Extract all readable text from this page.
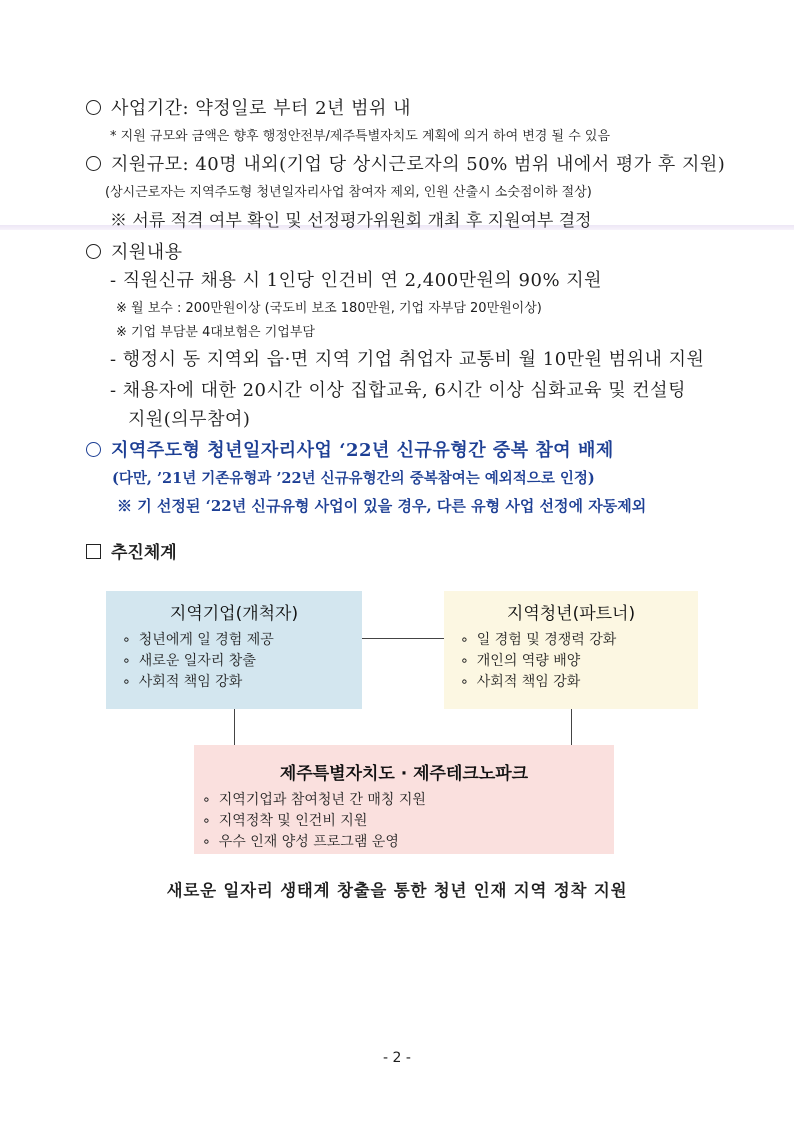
사업기간: 약정일로 부터 2년 범위 내
* 지원 규모와 금액은 향후 행정안전부/제주특별자치도 계획에 의거 하여 변경 될 수 있음
지원규모: 40명 내외(기업 당 상시근로자의 50% 범위 내에서 평가 후 지원)
(상시근로자는 지역주도형 청년일자리사업 참여자 제외, 인원 산출시 소숫점이하 절상)
※ 서류 적격 여부 확인 및 선정평가위원회 개최 후 지원여부 결정
지원내용
- 직원신규 채용 시 1인당 인건비 연 2,400만원의 90% 지원
※ 월 보수 : 200만원이상 (국도비 보조 180만원, 기업 자부담 20만원이상)
※ 기업 부담분 4대보험은 기업부담
- 행정시 동 지역외 읍·면 지역 기업 취업자 교통비 월 10만원 범위내 지원
- 채용자에 대한 20시간 이상 집합교육, 6시간 이상 심화교육 및 컨설팅
지원(의무참여)
지역주도형 청년일자리사업 ‘22년 신규유형간 중복 참여 배제
(다만, ’21년 기존유형과 ’22년 신규유형간의 중복참여는 예외적으로 인정)
※ 기 선정된 ‘22년 신규유형 사업이 있을 경우, 다른 유형 사업 선정에 자동제외
추진체계
지역기업(개척자)
∘ 청년에게 일 경험 제공
∘ 새로운 일자리 창출
∘ 사회적 책임 강화
지역청년(파트너)
∘ 일 경험 및 경쟁력 강화
∘ 개인의 역량 배양
∘ 사회적 책임 강화
제주특별자치도 · 제주테크노파크
∘ 지역기업과 참여청년 간 매칭 지원
∘ 지역정착 및 인건비 지원
∘ 우수 인재 양성 프로그램 운영
새로운 일자리 생태계 창출을 통한 청년 인재 지역 정착 지원
- 2 -
